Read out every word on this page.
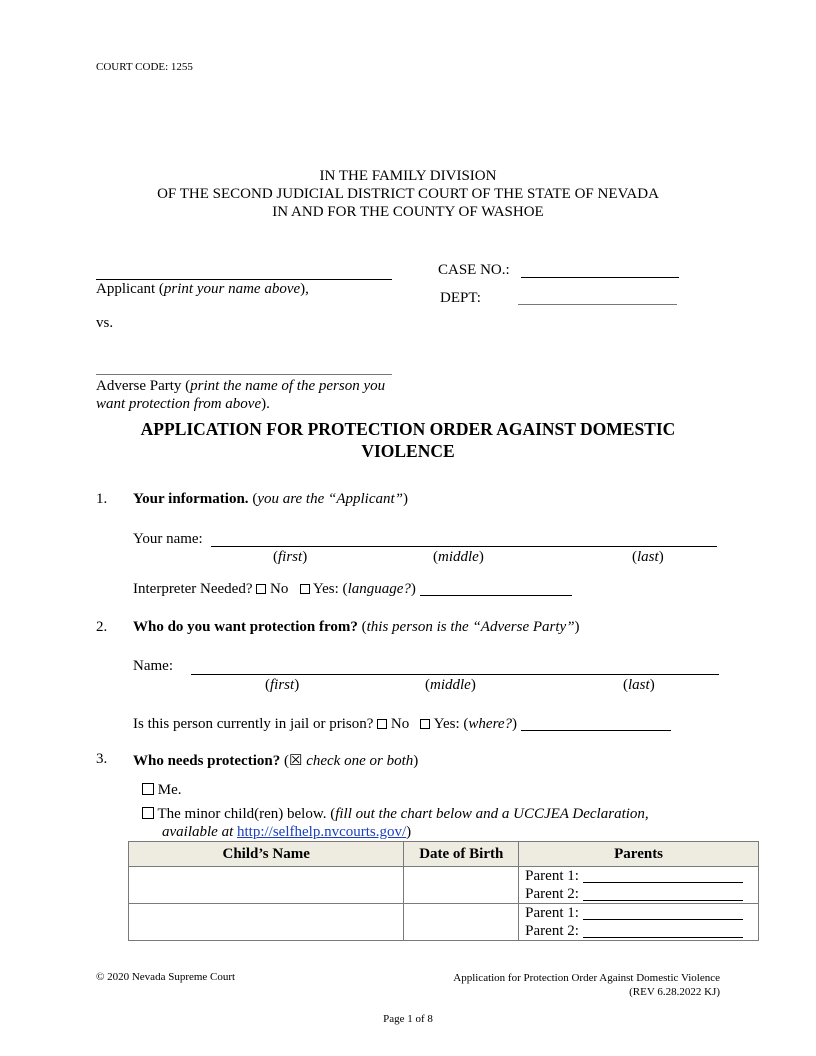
COURT CODE: 1255
IN THE FAMILY DIVISION
OF THE SECOND JUDICIAL DISTRICT COURT OF THE STATE OF NEVADA
IN AND FOR THE COUNTY OF WASHOE
Applicant (print your name above),
CASE NO.:
DEPT:
vs.
Adverse Party (print the name of the person you
want protection from above).
APPLICATION FOR PROTECTION ORDER AGAINST DOMESTIC
VIOLENCE
1. Your information. (you are the “Applicant”)
Your name:
(first)	(middle)	(last)
Interpreter Needed? No Yes: (language?)
2. Who do you want protection from? (this person is the “Adverse Party”)
Name:
(first)	(middle)	(last)
Is this person currently in jail or prison? No Yes: (where?)
3. Who needs protection? (☒ check one or both)
Me.
The minor child(ren) below. (fill out the chart below and a UCCJEA Declaration,
available at http://selfhelp.nvcourts.gov/)
Child’s Name	Date of Birth	Parents

		Parent 1:
Parent 2:

		Parent 1:
Parent 2:
© 2020 Nevada Supreme Court	Application for Protection Order Against Domestic Violence
(REV 6.28.2022 KJ)
Page 1 of 8
